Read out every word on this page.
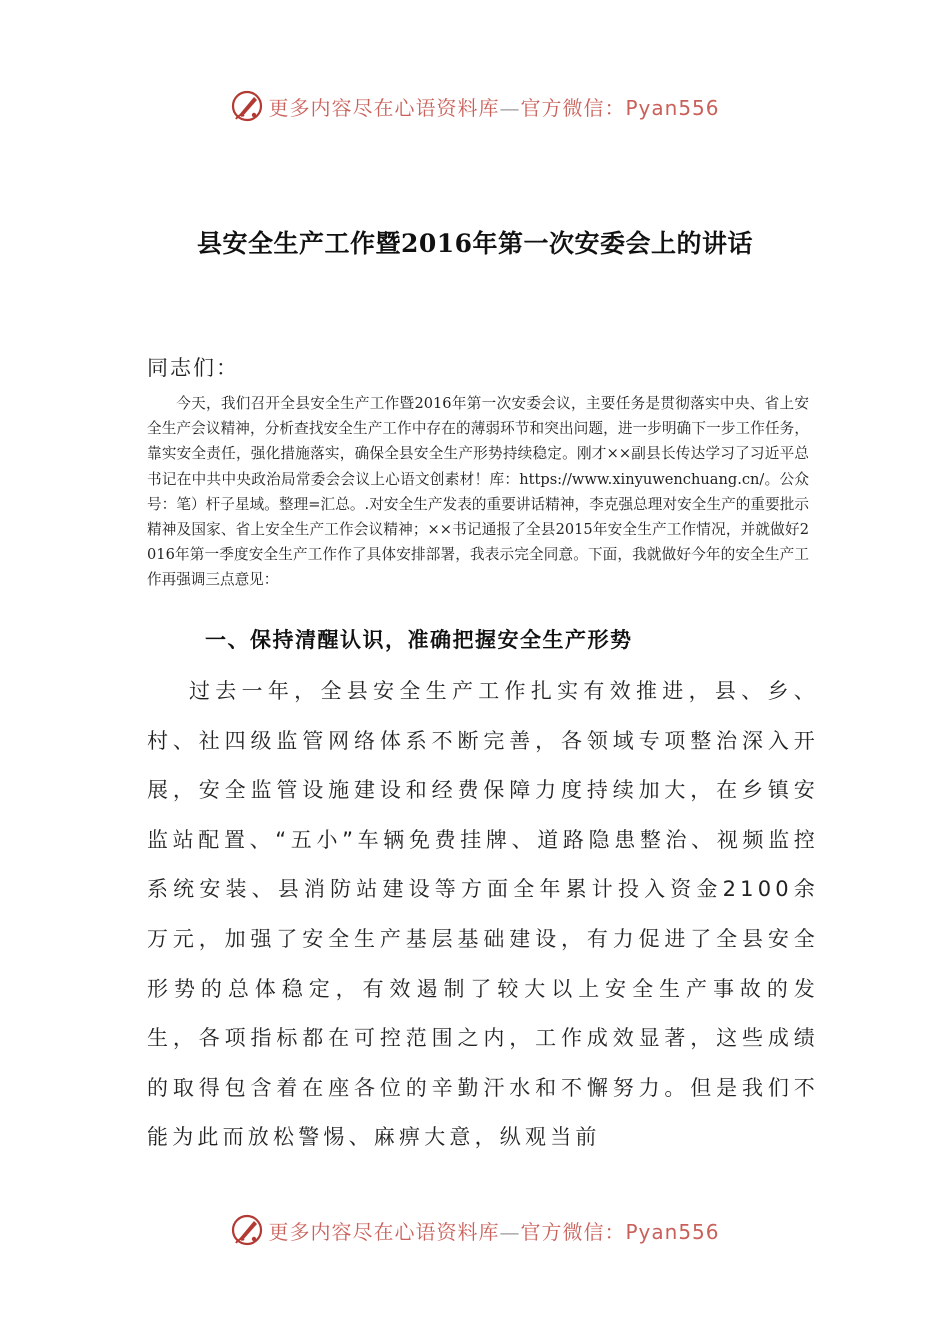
更多内容尽在心语资料库—官方微信：Pyan556
县安全生产工作暨2016年第一次安委会上的讲话
同志们：

今天，我们召开全县安全生产工作暨2016年第一次安委会议，主要任务是贯彻落实中央、省上安全生产会议精神，分析查找安全生产工作中存在的薄弱环节和突出问题，进一步明确下一步工作任务，靠实安全责任，强化措施落实，确保全县安全生产形势持续稳定。刚才××副县长传达学习了习近平总书记在中共中央政治局常委会会议上心语文创素材！库：https://www.xinyuwenchuang.cn/。公众号：笔）杆子星域。整理=汇总。.对安全生产发表的重要讲话精神，李克强总理对安全生产的重要批示精神及国家、省上安全生产工作会议精神；××书记通报了全县2015年安全生产工作情况，并就做好2016年第一季度安全生产工作作了具体安排部署，我表示完全同意。下面，我就做好今年的安全生产工作再强调三点意见：

一、保持清醒认识，准确把握安全生产形势

过去一年，全县安全生产工作扎实有效推进，县、乡、村、社四级监管网络体系不断完善，各领域专项整治深入开展，安全监管设施建设和经费保障力度持续加大，在乡镇安监站配置、“五小”车辆免费挂牌、道路隐患整治、视频监控系统安装、县消防站建设等方面全年累计投入资金2100余万元，加强了安全生产基层基础建设，有力促进了全县安全形势的总体稳定，有效遏制了较大以上安全生产事故的发生，各项指标都在可控范围之内，工作成效显著，这些成绩的取得包含着在座各位的辛勤汗水和不懈努力。但是我们不能为此而放松警惕、麻痹大意，纵观当前

更多内容尽在心语资料库—官方微信：Pyan556
